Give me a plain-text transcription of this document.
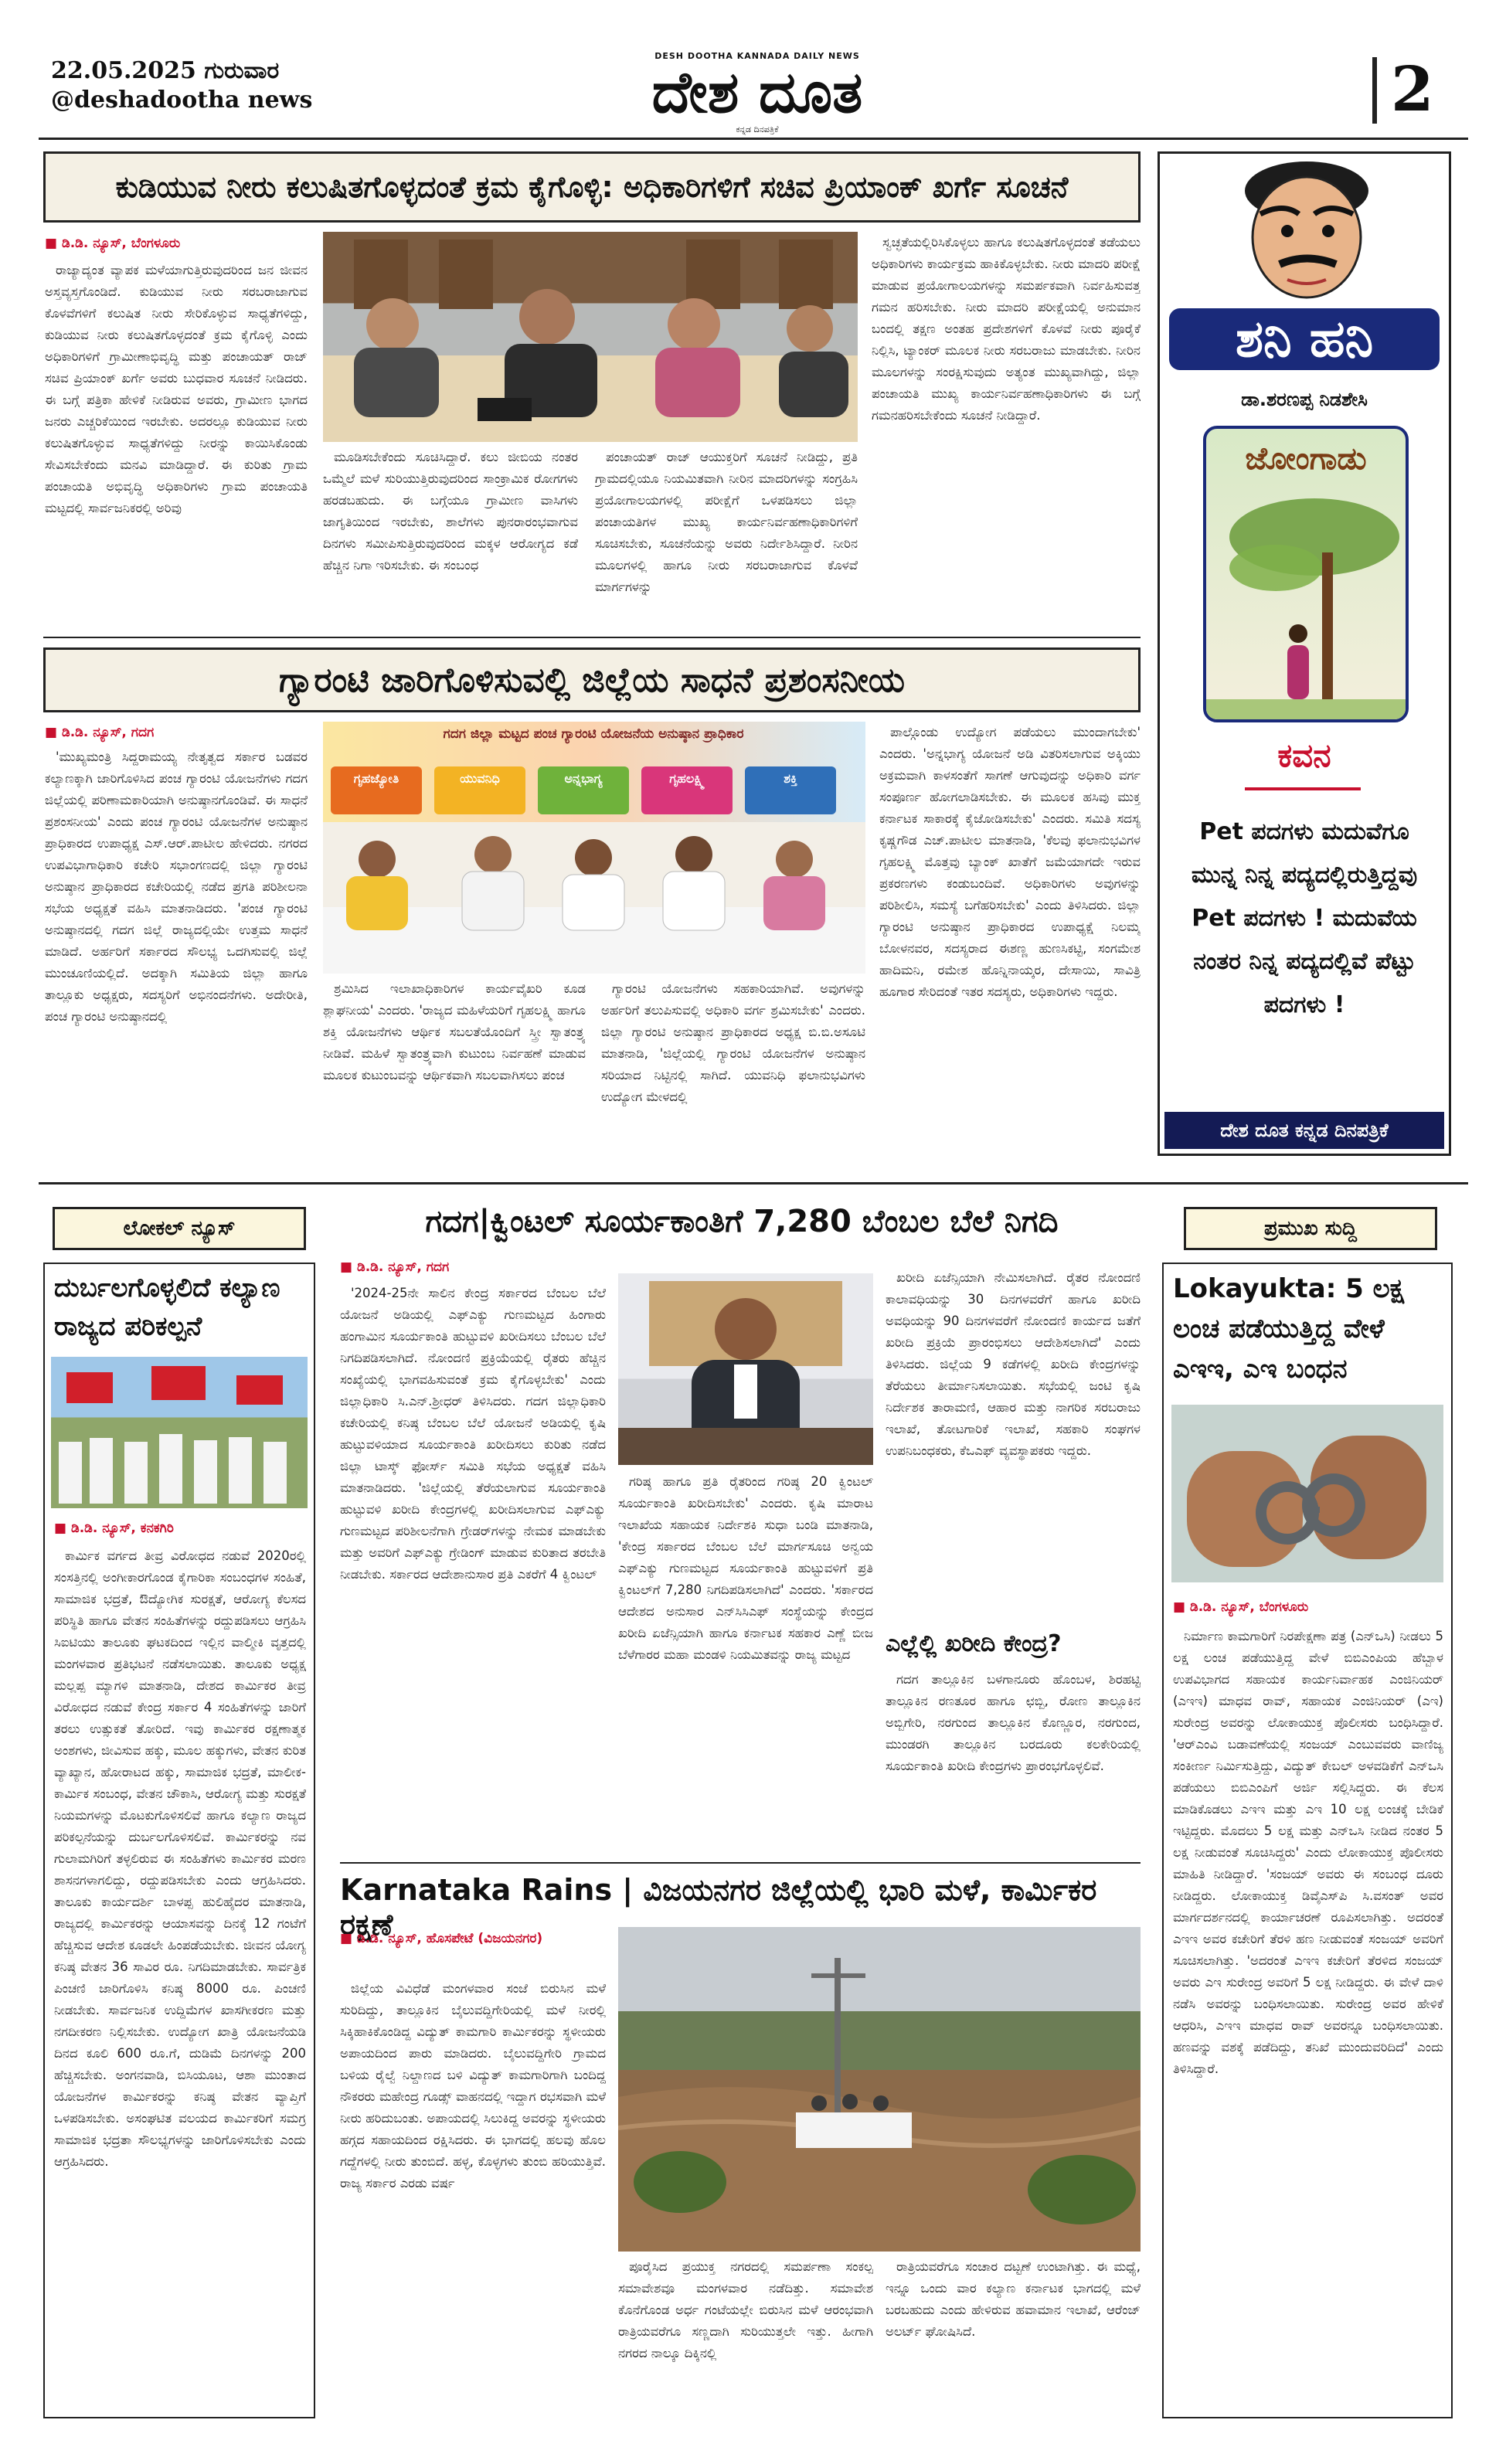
22.05.2025 ಗುರುವಾರ
@deshadootha news
DESH DOOTHA KANNADA DAILY NEWS
ದೇಶ ದೂತ
ಕನ್ನಡ ದಿನಪತ್ರಿಕೆ
2
ಕುಡಿಯುವ ನೀರು ಕಲುಷಿತಗೊಳ್ಳದಂತೆ ಕ್ರಮ ಕೈಗೊಳ್ಳಿ: ಅಧಿಕಾರಿಗಳಿಗೆ ಸಚಿವ ಪ್ರಿಯಾಂಕ್ ಖರ್ಗೆ ಸೂಚನೆ
■ ಡಿ.ಡಿ. ನ್ಯೂಸ್, ಬೆಂಗಳೂರು

ರಾಜ್ಯಾದ್ಯಂತ ವ್ಯಾಪಕ ಮಳೆಯಾಗುತ್ತಿರುವುದರಿಂದ ಜನ ಜೀವನ ಅಸ್ತವ್ಯಸ್ತಗೊಂಡಿದೆ. ಕುಡಿಯುವ ನೀರು ಸರಬರಾಜಾಗುವ ಕೊಳವೆಗಳಿಗೆ ಕಲುಷಿತ ನೀರು ಸೇರಿಕೊಳ್ಳುವ ಸಾಧ್ಯತೆಗಳಿದ್ದು, ಕುಡಿಯುವ ನೀರು ಕಲುಷಿತಗೊಳ್ಳದಂತೆ ಕ್ರಮ ಕೈಗೊಳ್ಳಿ ಎಂದು ಅಧಿಕಾರಿಗಳಿಗೆ ಗ್ರಾಮೀಣಾಭಿವೃದ್ಧಿ ಮತ್ತು ಪಂಚಾಯತ್ ರಾಜ್ ಸಚಿವ ಪ್ರಿಯಾಂಕ್ ಖರ್ಗೆ ಅವರು ಬುಧವಾರ ಸೂಚನೆ ನೀಡಿದರು. ಈ ಬಗ್ಗೆ ಪತ್ರಿಕಾ ಹೇಳಿಕೆ ನೀಡಿರುವ ಅವರು, ಗ್ರಾಮೀಣ ಭಾಗದ ಜನರು ಎಚ್ಚರಿಕೆಯಿಂದ ಇರಬೇಕು. ಅದರಲ್ಲೂ ಕುಡಿಯುವ ನೀರು ಕಲುಷಿತಗೊಳ್ಳುವ ಸಾಧ್ಯತೆಗಳಿದ್ದು ನೀರನ್ನು ಕಾಯಿಸಿಕೊಂಡು ಸೇವಿಸಬೇಕೆಂದು ಮನವಿ ಮಾಡಿದ್ದಾರೆ. ಈ ಕುರಿತು ಗ್ರಾಮ ಪಂಚಾಯತಿ ಅಭಿವೃದ್ಧಿ ಅಧಿಕಾರಿಗಳು ಗ್ರಾಮ ಪಂಚಾಯತಿ ಮಟ್ಟದಲ್ಲಿ ಸಾರ್ವಜನಿಕರಲ್ಲಿ ಅರಿವು

ಮೂಡಿಸಬೇಕೆಂದು ಸೂಚಿಸಿದ್ದಾರೆ. ಕಲು ಜೀಬಿಯ ನಂತರ ಒಮ್ಮೆಲೆ ಮಳೆ ಸುರಿಯುತ್ತಿರುವುದರಿಂದ ಸಾಂಕ್ರಾಮಿಕ ರೋಗಗಳು ಹರಡಬಹುದು. ಈ ಬಗ್ಗೆಯೂ ಗ್ರಾಮೀಣ ವಾಸಿಗಳು ಜಾಗೃತಿಯಿಂದ ಇರಬೇಕು, ಶಾಲೆಗಳು ಪುನರಾರಂಭವಾಗುವ ದಿನಗಳು ಸಮೀಪಿಸುತ್ತಿರುವುದರಿಂದ ಮಕ್ಕಳ ಆರೋಗ್ಯದ ಕಡೆ ಹೆಚ್ಚಿನ ನಿಗಾ ಇರಿಸಬೇಕು. ಈ ಸಂಬಂಧ

ಪಂಚಾಯತ್ ರಾಜ್ ಆಯುಕ್ತರಿಗೆ ಸೂಚನೆ ನೀಡಿದ್ದು, ಪ್ರತಿ ಗ್ರಾಮದಲ್ಲಿಯೂ ನಿಯಮಿತವಾಗಿ ನೀರಿನ ಮಾದರಿಗಳನ್ನು ಸಂಗ್ರಹಿಸಿ ಪ್ರಯೋಗಾಲಯಗಳಲ್ಲಿ ಪರೀಕ್ಷೆಗೆ ಒಳಪಡಿಸಲು ಜಿಲ್ಲಾ ಪಂಚಾಯತಿಗಳ ಮುಖ್ಯ ಕಾರ್ಯನಿರ್ವಹಣಾಧಿಕಾರಿಗಳಿಗೆ ಸೂಚಿಸಬೇಕು, ಸೂಚನೆಯನ್ನು ಅವರು ನಿರ್ದೇಶಿಸಿದ್ದಾರೆ. ನೀರಿನ ಮೂಲಗಳಲ್ಲಿ ಹಾಗೂ ನೀರು ಸರಬರಾಜಾಗುವ ಕೊಳವೆ ಮಾರ್ಗಗಳನ್ನು

ಸ್ವಚ್ಛತೆಯಲ್ಲಿರಿಸಿಕೊಳ್ಳಲು ಹಾಗೂ ಕಲುಷಿತಗೊಳ್ಳದಂತೆ ತಡೆಯಲು ಅಧಿಕಾರಿಗಳು ಕಾರ್ಯಕ್ರಮ ಹಾಕಿಕೊಳ್ಳಬೇಕು. ನೀರು ಮಾದರಿ ಪರೀಕ್ಷೆ ಮಾಡುವ ಪ್ರಯೋಗಾಲಯಗಳನ್ನು ಸಮರ್ಪಕವಾಗಿ ನಿರ್ವಹಿಸುವತ್ತ ಗಮನ ಹರಿಸಬೇಕು. ನೀರು ಮಾದರಿ ಪರೀಕ್ಷೆಯಲ್ಲಿ ಅನುಮಾನ ಬಂದಲ್ಲಿ ತಕ್ಷಣ ಅಂತಹ ಪ್ರದೇಶಗಳಿಗೆ ಕೊಳವೆ ನೀರು ಪೂರೈಕೆ ನಿಲ್ಲಿಸಿ, ಟ್ಯಾಂಕರ್ ಮೂಲಕ ನೀರು ಸರಬರಾಜು ಮಾಡಬೇಕು. ನೀರಿನ ಮೂಲಗಳನ್ನು ಸಂರಕ್ಷಿಸುವುದು ಅತ್ಯಂತ ಮುಖ್ಯವಾಗಿದ್ದು, ಜಿಲ್ಲಾ ಪಂಚಾಯತಿ ಮುಖ್ಯ ಕಾರ್ಯನಿರ್ವಹಣಾಧಿಕಾರಿಗಳು ಈ ಬಗ್ಗೆ ಗಮನಹರಿಸಬೇಕೆಂದು ಸೂಚನೆ ನೀಡಿದ್ದಾರೆ.

ಶನಿ ಹನಿ
ಡಾ.ಶರಣಪ್ಪ ನಿಡಶೇಸಿ
ಜೋಂಗಾಡು
ಕವನ
Pet ಪದಗಳು ಮದುವೆಗೂ ಮುನ್ನ ನಿನ್ನ ಪದ್ಯದಲ್ಲಿರುತ್ತಿದ್ದವು Pet ಪದಗಳು ! ಮದುವೆಯ ನಂತರ ನಿನ್ನ ಪದ್ಯದಲ್ಲಿವೆ ಪೆಟ್ಟು ಪದಗಳು !
ದೇಶ ದೂತ ಕನ್ನಡ ದಿನಪತ್ರಿಕೆ
ಗ್ಯಾರಂಟಿ ಜಾರಿಗೊಳಿಸುವಲ್ಲಿ ಜಿಲ್ಲೆಯ ಸಾಧನೆ ಪ್ರಶಂಸನೀಯ
■ ಡಿ.ಡಿ. ನ್ಯೂಸ್, ಗದಗ

'ಮುಖ್ಯಮಂತ್ರಿ ಸಿದ್ದರಾಮಯ್ಯ ನೇತೃತ್ವದ ಸರ್ಕಾರ ಬಡವರ ಕಲ್ಯಾಣಕ್ಕಾಗಿ ಜಾರಿಗೊಳಿಸಿದ ಪಂಚ ಗ್ಯಾರಂಟಿ ಯೋಜನೆಗಳು ಗದಗ ಜಿಲ್ಲೆಯಲ್ಲಿ ಪರಿಣಾಮಕಾರಿಯಾಗಿ ಅನುಷ್ಠಾನಗೊಂಡಿವೆ. ಈ ಸಾಧನೆ ಪ್ರಶಂಸನೀಯ' ಎಂದು ಪಂಚ ಗ್ಯಾರಂಟಿ ಯೋಜನೆಗಳ ಅನುಷ್ಠಾನ ಪ್ರಾಧಿಕಾರದ ಉಪಾಧ್ಯಕ್ಷ ಎಸ್.ಆರ್.ಪಾಟೀಲ ಹೇಳಿದರು. ನಗರದ ಉಪವಿಭಾಗಾಧಿಕಾರಿ ಕಚೇರಿ ಸಭಾಂಗಣದಲ್ಲಿ ಜಿಲ್ಲಾ ಗ್ಯಾರಂಟಿ ಅನುಷ್ಠಾನ ಪ್ರಾಧಿಕಾರದ ಕಚೇರಿಯಲ್ಲಿ ನಡೆದ ಪ್ರಗತಿ ಪರಿಶೀಲನಾ ಸಭೆಯ ಅಧ್ಯಕ್ಷತೆ ವಹಿಸಿ ಮಾತನಾಡಿದರು. 'ಪಂಚ ಗ್ಯಾರಂಟಿ ಅನುಷ್ಠಾನದಲ್ಲಿ ಗದಗ ಜಿಲ್ಲೆ ರಾಜ್ಯದಲ್ಲಿಯೇ ಉತ್ತಮ ಸಾಧನೆ ಮಾಡಿದೆ. ಅರ್ಹರಿಗೆ ಸರ್ಕಾರದ ಸೌಲಭ್ಯ ಒದಗಿಸುವಲ್ಲಿ ಜಿಲ್ಲೆ ಮುಂಚೂಣಿಯಲ್ಲಿದೆ. ಅದಕ್ಕಾಗಿ ಸಮಿತಿಯ ಜಿಲ್ಲಾ ಹಾಗೂ ತಾಲ್ಲೂಕು ಅಧ್ಯಕ್ಷರು, ಸದಸ್ಯರಿಗೆ ಅಭಿನಂದನೆಗಳು. ಅದೇರೀತಿ, ಪಂಚ ಗ್ಯಾರಂಟಿ ಅನುಷ್ಠಾನದಲ್ಲಿ

ಗದಗ ಜಿಲ್ಲಾ ಮಟ್ಟದ ಪಂಚ ಗ್ಯಾರಂಟಿ ಯೋಜನೆಯ ಅನುಷ್ಠಾನ ಪ್ರಾಧಿಕಾರ
ಗೃಹಜ್ಯೋತಿ	ಯುವನಿಧಿ	ಅನ್ನಭಾಗ್ಯ	ಗೃಹಲಕ್ಷ್ಮಿ	ಶಕ್ತಿ

ಶ್ರಮಿಸಿದ ಇಲಾಖಾಧಿಕಾರಿಗಳ ಕಾರ್ಯವೈಖರಿ ಕೂಡ ಶ್ಲಾಘನೀಯ' ಎಂದರು. 'ರಾಜ್ಯದ ಮಹಿಳೆಯರಿಗೆ ಗೃಹಲಕ್ಷ್ಮಿ ಹಾಗೂ ಶಕ್ತಿ ಯೋಜನೆಗಳು ಆರ್ಥಿಕ ಸಬಲತೆಯೊಂದಿಗೆ ಸ್ತ್ರೀ ಸ್ವಾತಂತ್ರ್ಯ ನೀಡಿವೆ. ಮಹಿಳೆ ಸ್ವಾತಂತ್ರ್ಯವಾಗಿ ಕುಟುಂಬ ನಿರ್ವಹಣೆ ಮಾಡುವ ಮೂಲಕ ಕುಟುಂಬವನ್ನು ಆರ್ಥಿಕವಾಗಿ ಸಬಲವಾಗಿಸಲು ಪಂಚ

ಗ್ಯಾರಂಟಿ ಯೋಜನೆಗಳು ಸಹಕಾರಿಯಾಗಿವೆ. ಅವುಗಳನ್ನು ಅರ್ಹರಿಗೆ ತಲುಪಿಸುವಲ್ಲಿ ಅಧಿಕಾರಿ ವರ್ಗ ಶ್ರಮಿಸಬೇಕು' ಎಂದರು. ಜಿಲ್ಲಾ ಗ್ಯಾರಂಟಿ ಅನುಷ್ಠಾನ ಪ್ರಾಧಿಕಾರದ ಅಧ್ಯಕ್ಷ ಬಿ.ಬಿ.ಅಸೂಟಿ ಮಾತನಾಡಿ, 'ಜಿಲ್ಲೆಯಲ್ಲಿ ಗ್ಯಾರಂಟಿ ಯೋಜನೆಗಳ ಅನುಷ್ಠಾನ ಸರಿಯಾದ ನಿಟ್ಟಿನಲ್ಲಿ ಸಾಗಿದೆ. ಯುವನಿಧಿ ಫಲಾನುಭವಿಗಳು ಉದ್ಯೋಗ ಮೇಳದಲ್ಲಿ

ಪಾಲ್ಗೊಂಡು ಉದ್ಯೋಗ ಪಡೆಯಲು ಮುಂದಾಗಬೇಕು' ಎಂದರು. 'ಅನ್ನಭಾಗ್ಯ ಯೋಜನೆ ಅಡಿ ವಿತರಿಸಲಾಗುವ ಅಕ್ಕಿಯು ಅಕ್ರಮವಾಗಿ ಕಾಳಸಂತೆಗೆ ಸಾಗಣೆ ಆಗುವುದನ್ನು ಅಧಿಕಾರಿ ವರ್ಗ ಸಂಪೂರ್ಣ ಹೋಗಲಾಡಿಸಬೇಕು. ಈ ಮೂಲಕ ಹಸಿವು ಮುಕ್ತ ಕರ್ನಾಟಕ ಸಾಕಾರಕ್ಕೆ ಕೈಜೋಡಿಸಬೇಕು' ಎಂದರು. ಸಮಿತಿ ಸದಸ್ಯ ಕೃಷ್ಣಗೌಡ ಎಚ್.ಪಾಟೀಲ ಮಾತನಾಡಿ, 'ಕೆಲವು ಫಲಾನುಭವಿಗಳ ಗೃಹಲಕ್ಷ್ಮಿ ಮೊತ್ತವು ಬ್ಯಾಂಕ್ ಖಾತೆಗೆ ಜಮೆಯಾಗದೇ ಇರುವ ಪ್ರಕರಣಗಳು ಕಂಡುಬಂದಿವೆ. ಅಧಿಕಾರಿಗಳು ಅವುಗಳನ್ನು ಪರಿಶೀಲಿಸಿ, ಸಮಸ್ಯೆ ಬಗೆಹರಿಸಬೇಕು' ಎಂದು ತಿಳಿಸಿದರು. ಜಿಲ್ಲಾ ಗ್ಯಾರಂಟಿ ಅನುಷ್ಠಾನ ಪ್ರಾಧಿಕಾರದ ಉಪಾಧ್ಯಕ್ಷೆ ನಿಲಮ್ಮ ಬೋಳನವರ, ಸದಸ್ಯರಾದ ಈಶಣ್ಣ ಹುಣಸಿಕಟ್ಟಿ, ಸಂಗಮೇಶ ಹಾದಿಮನಿ, ರಮೇಶ ಹೊನ್ನಿನಾಯ್ಕರ, ದೇಸಾಯಿ, ಸಾವಿತ್ರಿ ಹೂಗಾರ ಸೇರಿದಂತೆ ಇತರ ಸದಸ್ಯರು, ಅಧಿಕಾರಿಗಳು ಇದ್ದರು.

ಲೋಕಲ್ ನ್ಯೂಸ್
ದುರ್ಬಲಗೊಳ್ಳಲಿದೆ ಕಲ್ಯಾಣ ರಾಜ್ಯದ ಪರಿಕಲ್ಪನೆ
■ ಡಿ.ಡಿ. ನ್ಯೂಸ್, ಕನಕಗಿರಿ

ಕಾರ್ಮಿಕ ವರ್ಗದ ತೀವ್ರ ವಿರೋಧದ ನಡುವೆ 2020ರಲ್ಲಿ ಸಂಸತ್ತಿನಲ್ಲಿ ಅಂಗೀಕಾರಗೊಂಡ ಕೈಗಾರಿಕಾ ಸಂಬಂಧಗಳ ಸಂಹಿತೆ, ಸಾಮಾಜಿಕ ಭದ್ರತೆ, ಔದ್ಯೋಗಿಕ ಸುರಕ್ಷತೆ, ಆರೋಗ್ಯ ಕೆಲಸದ ಪರಿಸ್ಥಿತಿ ಹಾಗೂ ವೇತನ ಸಂಹಿತೆಗಳನ್ನು ರದ್ದುಪಡಿಸಲು ಆಗ್ರಹಿಸಿ ಸಿಐಟಿಯು ತಾಲೂಕು ಘಟಕದಿಂದ ಇಲ್ಲಿನ ವಾಲ್ಮೀಕಿ ವೃತ್ತದಲ್ಲಿ ಮಂಗಳವಾರ ಪ್ರತಿಭಟನೆ ನಡೆಸಲಾಯಿತು. ತಾಲೂಕು ಅಧ್ಯಕ್ಷ ಮಲ್ಲಪ್ಪ ಮ್ಯಾಗಳಿ ಮಾತನಾಡಿ, ದೇಶದ ಕಾರ್ಮಿಕರ ತೀವ್ರ ವಿರೋಧದ ನಡುವೆ ಕೇಂದ್ರ ಸರ್ಕಾರ 4 ಸಂಹಿತೆಗಳನ್ನು ಜಾರಿಗೆ ತರಲು ಉತ್ಸುಕತೆ ತೋರಿದೆ. ಇವು ಕಾರ್ಮಿಕರ ರಕ್ಷಣಾತ್ಮಕ ಅಂಶಗಳು, ಜೀವಿಸುವ ಹಕ್ಕು, ಮೂಲ ಹಕ್ಕುಗಳು, ವೇತನ ಕುರಿತ ವ್ಯಾಖ್ಯಾನ, ಹೋರಾಟದ ಹಕ್ಕು, ಸಾಮಾಜಿಕ ಭದ್ರತೆ, ಮಾಲೀಕ-ಕಾರ್ಮಿಕ ಸಂಬಂಧ, ವೇತನ ಚೌಕಾಸಿ, ಆರೋಗ್ಯ ಮತ್ತು ಸುರಕ್ಷತೆ ನಿಯಮಗಳನ್ನು ಮೊಟಕುಗೊಳಿಸಲಿವೆ ಹಾಗೂ ಕಲ್ಯಾಣ ರಾಜ್ಯದ ಪರಿಕಲ್ಪನೆಯನ್ನು ದುರ್ಬಲಗೊಳಿಸಲಿವೆ. ಕಾರ್ಮಿಕರನ್ನು ನವ ಗುಲಾಮಗಿರಿಗೆ ತಳ್ಳಲಿರುವ ಈ ಸಂಹಿತೆಗಳು ಕಾರ್ಮಿಕರ ಮರಣ ಶಾಸನಗಳಾಗಲಿದ್ದು, ರದ್ದುಪಡಿಸಬೇಕು ಎಂದು ಆಗ್ರಹಿಸಿದರು. ತಾಲೂಕು ಕಾರ್ಯದರ್ಶಿ ಬಾಳಪ್ಪ ಹುಲಿಹೈದರ ಮಾತನಾಡಿ, ರಾಜ್ಯದಲ್ಲಿ ಕಾರ್ಮಿಕರನ್ನು ಆಯಾಸವನ್ನು ದಿನಕ್ಕೆ 12 ಗಂಟೆಗೆ ಹೆಚ್ಚಿಸುವ ಆದೇಶ ಕೂಡಲೇ ಹಿಂಪಡೆಯಬೇಕು. ಜೀವನ ಯೋಗ್ಯ ಕನಿಷ್ಠ ವೇತನ 36 ಸಾವಿರ ರೂ. ನಿಗದಿಮಾಡಬೇಕು. ಸಾರ್ವತ್ರಿಕ ಪಿಂಚಣಿ ಜಾರಿಗೊಳಿಸಿ ಕನಿಷ್ಠ 8000 ರೂ. ಪಿಂಚಣಿ ನೀಡಬೇಕು. ಸಾರ್ವಜನಿಕ ಉದ್ದಿಮೆಗಳ ಖಾಸಗೀಕರಣ ಮತ್ತು ನಗದೀಕರಣ ನಿಲ್ಲಿಸಬೇಕು. ಉದ್ಯೋಗ ಖಾತ್ರಿ ಯೋಜನೆಯಡಿ ದಿನದ ಕೂಲಿ 600 ರೂ.ಗೆ, ದುಡಿಮೆ ದಿನಗಳನ್ನು 200 ಹೆಚ್ಚಿಸಬೇಕು. ಅಂಗನವಾಡಿ, ಬಿಸಿಯೂಟ, ಆಶಾ ಮುಂತಾದ ಯೋಜನೆಗಳ ಕಾರ್ಮಿಕರನ್ನು ಕನಿಷ್ಠ ವೇತನ ವ್ಯಾಪ್ತಿಗೆ ಒಳಪಡಿಸಬೇಕು. ಅಸಂಘಟಿತ ವಲಯದ ಕಾರ್ಮಿಕರಿಗೆ ಸಮಗ್ರ ಸಾಮಾಜಿಕ ಭದ್ರತಾ ಸೌಲಭ್ಯಗಳನ್ನು ಜಾರಿಗೊಳಿಸಬೇಕು ಎಂದು ಆಗ್ರಹಿಸಿದರು.

ಗದಗ|ಕ್ವಿಂಟಲ್ ಸೂರ್ಯಕಾಂತಿಗೆ 7,280 ಬೆಂಬಲ ಬೆಲೆ ನಿಗದಿ
■ ಡಿ.ಡಿ. ನ್ಯೂಸ್, ಗದಗ

'2024-25ನೇ ಸಾಲಿನ ಕೇಂದ್ರ ಸರ್ಕಾರದ ಬೆಂಬಲ ಬೆಲೆ ಯೋಜನೆ ಅಡಿಯಲ್ಲಿ ಎಫ್ಎಕ್ಯು ಗುಣಮಟ್ಟದ ಹಿಂಗಾರು ಹಂಗಾಮಿನ ಸೂರ್ಯಕಾಂತಿ ಹುಟ್ಟುವಳಿ ಖರೀದಿಸಲು ಬೆಂಬಲ ಬೆಲೆ ನಿಗದಿಪಡಿಸಲಾಗಿದೆ. ನೋಂದಣಿ ಪ್ರಕ್ರಿಯೆಯಲ್ಲಿ ರೈತರು ಹೆಚ್ಚಿನ ಸಂಖ್ಯೆಯಲ್ಲಿ ಭಾಗವಹಿಸುವಂತೆ ಕ್ರಮ ಕೈಗೊಳ್ಳಬೇಕು' ಎಂದು ಜಿಲ್ಲಾಧಿಕಾರಿ ಸಿ.ಎನ್.ಶ್ರೀಧರ್ ತಿಳಿಸಿದರು. ಗದಗ ಜಿಲ್ಲಾಧಿಕಾರಿ ಕಚೇರಿಯಲ್ಲಿ ಕನಿಷ್ಠ ಬೆಂಬಲ ಬೆಲೆ ಯೋಜನೆ ಅಡಿಯಲ್ಲಿ ಕೃಷಿ ಹುಟ್ಟುವಳಿಯಾದ ಸೂರ್ಯಕಾಂತಿ ಖರೀದಿಸಲು ಕುರಿತು ನಡೆದ ಜಿಲ್ಲಾ ಟಾಸ್ಕ್ ಫೋರ್ಸ್ ಸಮಿತಿ ಸಭೆಯ ಅಧ್ಯಕ್ಷತೆ ವಹಿಸಿ ಮಾತನಾಡಿದರು. 'ಜಿಲ್ಲೆಯಲ್ಲಿ ತೆರೆಯಲಾಗುವ ಸೂರ್ಯಕಾಂತಿ ಹುಟ್ಟುವಳಿ ಖರೀದಿ ಕೇಂದ್ರಗಳಲ್ಲಿ ಖರೀದಿಸಲಾಗುವ ಎಫ್ಎಕ್ಯು ಗುಣಮಟ್ಟದ ಪರಿಶೀಲನೆಗಾಗಿ ಗ್ರೇಡರ್‌ಗಳನ್ನು ನೇಮಕ ಮಾಡಬೇಕು ಮತ್ತು ಅವರಿಗೆ ಎಫ್ಎಕ್ಯು ಗ್ರೇಡಿಂಗ್ ಮಾಡುವ ಕುರಿತಾದ ತರಬೇತಿ ನೀಡಬೇಕು. ಸರ್ಕಾರದ ಆದೇಶಾನುಸಾರ ಪ್ರತಿ ಎಕರೆಗೆ 4 ಕ್ವಿಂಟಲ್

ಗರಿಷ್ಠ ಹಾಗೂ ಪ್ರತಿ ರೈತರಿಂದ ಗರಿಷ್ಠ 20 ಕ್ವಿಂಟಲ್ ಸೂರ್ಯಕಾಂತಿ ಖರೀದಿಸಬೇಕು' ಎಂದರು. ಕೃಷಿ ಮಾರಾಟ ಇಲಾಖೆಯ ಸಹಾಯಕ ನಿರ್ದೇಶಕಿ ಸುಧಾ ಬಂಡಿ ಮಾತನಾಡಿ, 'ಕೇಂದ್ರ ಸರ್ಕಾರದ ಬೆಂಬಲ ಬೆಲೆ ಮಾರ್ಗಸೂಚಿ ಅನ್ವಯ ಎಫ್ಎಕ್ಯು ಗುಣಮಟ್ಟದ ಸೂರ್ಯಕಾಂತಿ ಹುಟ್ಟುವಳಿಗೆ ಪ್ರತಿ ಕ್ವಿಂಟಲ್‌ಗೆ 7,280 ನಿಗದಿಪಡಿಸಲಾಗಿದೆ' ಎಂದರು. 'ಸರ್ಕಾರದ ಆದೇಶದ ಅನುಸಾರ ಎನ್‌ಸಿಸಿಎಫ್ ಸಂಸ್ಥೆಯನ್ನು ಕೇಂದ್ರದ ಖರೀದಿ ಏಜೆನ್ಸಿಯಾಗಿ ಹಾಗೂ ಕರ್ನಾಟಕ ಸಹಕಾರ ಎಣ್ಣೆ ಬೀಜ ಬೆಳೆಗಾರರ ಮಹಾ ಮಂಡಳಿ ನಿಯಮಿತವನ್ನು ರಾಜ್ಯ ಮಟ್ಟದ

ಖರೀದಿ ಏಜೆನ್ಸಿಯಾಗಿ ನೇಮಿಸಲಾಗಿದೆ. ರೈತರ ನೋಂದಣಿ ಕಾಲಾವಧಿಯನ್ನು 30 ದಿನಗಳವರೆಗೆ ಹಾಗೂ ಖರೀದಿ ಅವಧಿಯನ್ನು 90 ದಿನಗಳವರೆಗೆ ನೋಂದಣಿ ಕಾರ್ಯದ ಜತೆಗೆ ಖರೀದಿ ಪ್ರಕ್ರಿಯೆ ಪ್ರಾರಂಭಿಸಲು ಆದೇಶಿಸಲಾಗಿದೆ' ಎಂದು ತಿಳಿಸಿದರು. ಜಿಲ್ಲೆಯ 9 ಕಡೆಗಳಲ್ಲಿ ಖರೀದಿ ಕೇಂದ್ರಗಳನ್ನು ತೆರೆಯಲು ತೀರ್ಮಾನಿಸಲಾಯಿತು. ಸಭೆಯಲ್ಲಿ ಜಂಟಿ ಕೃಷಿ ನಿರ್ದೇಶಕ ತಾರಾಮಣಿ, ಆಹಾರ ಮತ್ತು ನಾಗರಿಕ ಸರಬರಾಜು ಇಲಾಖೆ, ತೋಟಗಾರಿಕೆ ಇಲಾಖೆ, ಸಹಕಾರಿ ಸಂಘಗಳ ಉಪನಿಬಂಧಕರು, ಕೆಒಎಫ್ ವ್ಯವಸ್ಥಾಪಕರು ಇದ್ದರು.

ಎಲ್ಲೆಲ್ಲಿ ಖರೀದಿ ಕೇಂದ್ರ?

ಗದಗ ತಾಲ್ಲೂಕಿನ ಬಳಗಾನೂರು ಹೊಂಬಳ, ಶಿರಹಟ್ಟಿ ತಾಲ್ಲೂಕಿನ ರಣತೂರ ಹಾಗೂ ಛಬ್ಬಿ, ರೋಣ ತಾಲ್ಲೂಕಿನ ಅಬ್ಬಿಗೇರಿ, ನರಗುಂದ ತಾಲ್ಲೂಕಿನ ಕೊಣ್ಣೂರ, ನರಗುಂದ, ಮುಂಡರಗಿ ತಾಲ್ಲೂಕಿನ ಬರದೂರು ಕಲಕೇರಿಯಲ್ಲಿ ಸೂರ್ಯಕಾಂತಿ ಖರೀದಿ ಕೇಂದ್ರಗಳು ಪ್ರಾರಂಭಗೊಳ್ಳಲಿವೆ.

Karnataka Rains | ವಿಜಯನಗರ ಜಿಲ್ಲೆಯಲ್ಲಿ ಭಾರಿ ಮಳೆ, ಕಾರ್ಮಿಕರ ರಕ್ಷಣೆ
■ ಡಿ.ಡಿ. ನ್ಯೂಸ್, ಹೊಸಪೇಟೆ (ವಿಜಯನಗರ)

ಜಿಲ್ಲೆಯ ವಿವಿಧೆಡೆ ಮಂಗಳವಾರ ಸಂಜೆ ಬಿರುಸಿನ ಮಳೆ ಸುರಿದಿದ್ದು, ತಾಲ್ಲೂಕಿನ ಬೈಲುವದ್ದಿಗೇರಿಯಲ್ಲಿ ಮಳೆ ನೀರಲ್ಲಿ ಸಿಕ್ಕಿಹಾಕಿಕೊಂಡಿದ್ದ ವಿದ್ಯುತ್ ಕಾಮಗಾರಿ ಕಾರ್ಮಿಕರನ್ನು ಸ್ಥಳೀಯರು ಅಪಾಯದಿಂದ ಪಾರು ಮಾಡಿದರು. ಬೈಲುವದ್ದಿಗೇರಿ ಗ್ರಾಮದ ಬಳಿಯ ರೈಲ್ವೆ ನಿಲ್ದಾಣದ ಬಳಿ ವಿದ್ಯುತ್ ಕಾಮಗಾರಿಗಾಗಿ ಬಂದಿದ್ದ ನೌಕರರು ಮಹೇಂದ್ರ ಗೂಡ್ಸ್ ವಾಹನದಲ್ಲಿ ಇದ್ದಾಗ ರಭಸವಾಗಿ ಮಳೆ ನೀರು ಹರಿದುಬಂತು. ಅಪಾಯದಲ್ಲಿ ಸಿಲುಕಿದ್ದ ಅವರನ್ನು ಸ್ಥಳೀಯರು ಹಗ್ಗದ ಸಹಾಯದಿಂದ ರಕ್ಷಿಸಿದರು. ಈ ಭಾಗದಲ್ಲಿ ಹಲವು ಹೊಲ ಗದ್ದೆಗಳಲ್ಲಿ ನೀರು ತುಂಬಿದೆ. ಹಳ್ಳ, ಕೊಳ್ಳಗಳು ತುಂಬಿ ಹರಿಯುತ್ತಿವೆ. ರಾಜ್ಯ ಸರ್ಕಾರ ಎರಡು ವರ್ಷ

ಪೂರೈಸಿದ ಪ್ರಯುಕ್ತ ನಗರದಲ್ಲಿ ಸಮರ್ಪಣಾ ಸಂಕಲ್ಪ ಸಮಾವೇಶವೂ ಮಂಗಳವಾರ ನಡೆದಿತ್ತು. ಸಮಾವೇಶ ಕೊನೆಗೊಂಡ ಅರ್ಧ ಗಂಟೆಯಲ್ಲೇ ಬಿರುಸಿನ ಮಳೆ ಆರಂಭವಾಗಿ ರಾತ್ರಿಯವರೆಗೂ ಸಣ್ಣದಾಗಿ ಸುರಿಯುತ್ತಲೇ ಇತ್ತು. ಹೀಗಾಗಿ ನಗರದ ನಾಲ್ಕೂ ದಿಕ್ಕಿನಲ್ಲಿ

ರಾತ್ರಿಯವರೆಗೂ ಸಂಚಾರ ದಟ್ಟಣೆ ಉಂಟಾಗಿತ್ತು. ಈ ಮಧ್ಯೆ, ಇನ್ನೂ ಒಂದು ವಾರ ಕಲ್ಯಾಣ ಕರ್ನಾಟಕ ಭಾಗದಲ್ಲಿ ಮಳೆ ಬರಬಹುದು ಎಂದು ಹೇಳಿರುವ ಹವಾಮಾನ ಇಲಾಖೆ, ಆರೆಂಜ್ ಅಲರ್ಟ್ ಘೋಷಿಸಿದೆ.

ಪ್ರಮುಖ ಸುದ್ದಿ
Lokayukta: 5 ಲಕ್ಷ ಲಂಚ ಪಡೆಯುತ್ತಿದ್ದ ವೇಳೆ ಎಇಇ, ಎಇ ಬಂಧನ
■ ಡಿ.ಡಿ. ನ್ಯೂಸ್, ಬೆಂಗಳೂರು

ನಿರ್ಮಾಣ ಕಾಮಗಾರಿಗೆ ನಿರಪೇಕ್ಷಣಾ ಪತ್ರ (ಎನ್‌ಒಸಿ) ನೀಡಲು 5 ಲಕ್ಷ ಲಂಚ ಪಡೆಯುತ್ತಿದ್ದ ವೇಳೆ ಬಿಬಿಎಂಪಿಯ ಹೆಬ್ಬಾಳ ಉಪವಿಭಾಗದ ಸಹಾಯಕ ಕಾರ್ಯನಿರ್ವಾಹಕ ಎಂಜಿನಿಯರ್ (ಎಇಇ) ಮಾಧವ ರಾವ್, ಸಹಾಯಕ ಎಂಜಿನಿಯರ್ (ಎಇ) ಸುರೇಂದ್ರ ಅವರನ್ನು ಲೋಕಾಯುಕ್ತ ಪೊಲೀಸರು ಬಂಧಿಸಿದ್ದಾರೆ. 'ಆರ್‌ಎಂವಿ ಬಡಾವಣೆಯಲ್ಲಿ ಸಂಜಯ್ ಎಂಬುವವರು ವಾಣಿಜ್ಯ ಸಂಕೀರ್ಣ ನಿರ್ಮಿಸುತ್ತಿದ್ದು, ವಿದ್ಯುತ್ ಕೇಬಲ್ ಅಳವಡಿಕೆಗೆ ಎನ್‌ಒಸಿ ಪಡೆಯಲು ಬಿಬಿಎಂಪಿಗೆ ಅರ್ಜಿ ಸಲ್ಲಿಸಿದ್ದರು. ಈ ಕೆಲಸ ಮಾಡಿಕೊಡಲು ಎಇಇ ಮತ್ತು ಎಇ 10 ಲಕ್ಷ ಲಂಚಕ್ಕೆ ಬೇಡಿಕೆ ಇಟ್ಟಿದ್ದರು. ಮೊದಲು 5 ಲಕ್ಷ ಮತ್ತು ಎನ್‌ಒಸಿ ನೀಡಿದ ನಂತರ 5 ಲಕ್ಷ ನೀಡುವಂತೆ ಸೂಚಿಸಿದ್ದರು' ಎಂದು ಲೋಕಾಯುಕ್ತ ಪೊಲೀಸರು ಮಾಹಿತಿ ನೀಡಿದ್ದಾರೆ. 'ಸಂಜಯ್ ಅವರು ಈ ಸಂಬಂಧ ದೂರು ನೀಡಿದ್ದರು. ಲೋಕಾಯುಕ್ತ ಡಿವೈಎಸ್‌ಪಿ ಸಿ.ವಸಂತ್ ಅವರ ಮಾರ್ಗದರ್ಶನದಲ್ಲಿ ಕಾರ್ಯಾಚರಣೆ ರೂಪಿಸಲಾಗಿತ್ತು. ಅದರಂತೆ ಎಇಇ ಅವರ ಕಚೇರಿಗೆ ತೆರಳಿ ಹಣ ನೀಡುವಂತೆ ಸಂಜಯ್ ಅವರಿಗೆ ಸೂಚಿಸಲಾಗಿತ್ತು. 'ಅದರಂತೆ ಎಇಇ ಕಚೇರಿಗೆ ತೆರಳಿದ ಸಂಜಯ್ ಅವರು ಎಇ ಸುರೇಂದ್ರ ಅವರಿಗೆ 5 ಲಕ್ಷ ನೀಡಿದ್ದರು. ಈ ವೇಳೆ ದಾಳಿ ನಡೆಸಿ ಅವರನ್ನು ಬಂಧಿಸಲಾಯಿತು. ಸುರೇಂದ್ರ ಅವರ ಹೇಳಿಕೆ ಆಧರಿಸಿ, ಎಇಇ ಮಾಧವ ರಾವ್ ಅವರನ್ನೂ ಬಂಧಿಸಲಾಯಿತು. ಹಣವನ್ನು ವಶಕ್ಕೆ ಪಡೆದಿದ್ದು, ತನಿಖೆ ಮುಂದುವರಿದಿದೆ' ಎಂದು ತಿಳಿಸಿದ್ದಾರೆ.
